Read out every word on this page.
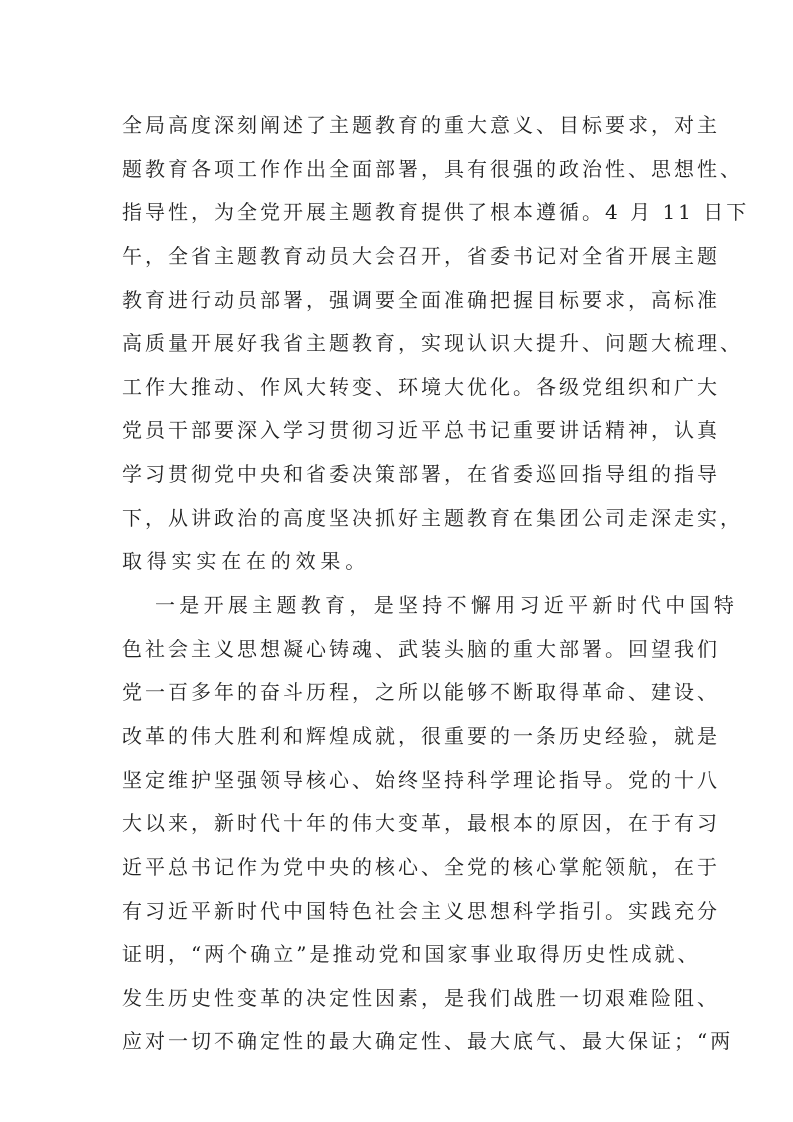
全局高度深刻阐述了主题教育的重大意义、目标要求，对主
题教育各项工作作出全面部署，具有很强的政治性、思想性、
指导性，为全党开展主题教育提供了根本遵循。4 月 11 日下
午，全省主题教育动员大会召开，省委书记对全省开展主题
教育进行动员部署，强调要全面准确把握目标要求，高标准
高质量开展好我省主题教育，实现认识大提升、问题大梳理、
工作大推动、作风大转变、环境大优化。各级党组织和广大
党员干部要深入学习贯彻习近平总书记重要讲话精神，认真
学习贯彻党中央和省委决策部署，在省委巡回指导组的指导
下，从讲政治的高度坚决抓好主题教育在集团公司走深走实，
取得实实在在的效果。
一是开展主题教育，是坚持不懈用习近平新时代中国特
色社会主义思想凝心铸魂、武装头脑的重大部署。回望我们
党一百多年的奋斗历程，之所以能够不断取得革命、建设、
改革的伟大胜利和辉煌成就，很重要的一条历史经验，就是
坚定维护坚强领导核心、始终坚持科学理论指导。党的十八
大以来，新时代十年的伟大变革，最根本的原因，在于有习
近平总书记作为党中央的核心、全党的核心掌舵领航，在于
有习近平新时代中国特色社会主义思想科学指引。实践充分
证明，“两个确立”是推动党和国家事业取得历史性成就、
发生历史性变革的决定性因素，是我们战胜一切艰难险阻、
应对一切不确定性的最大确定性、最大底气、最大保证；“两
